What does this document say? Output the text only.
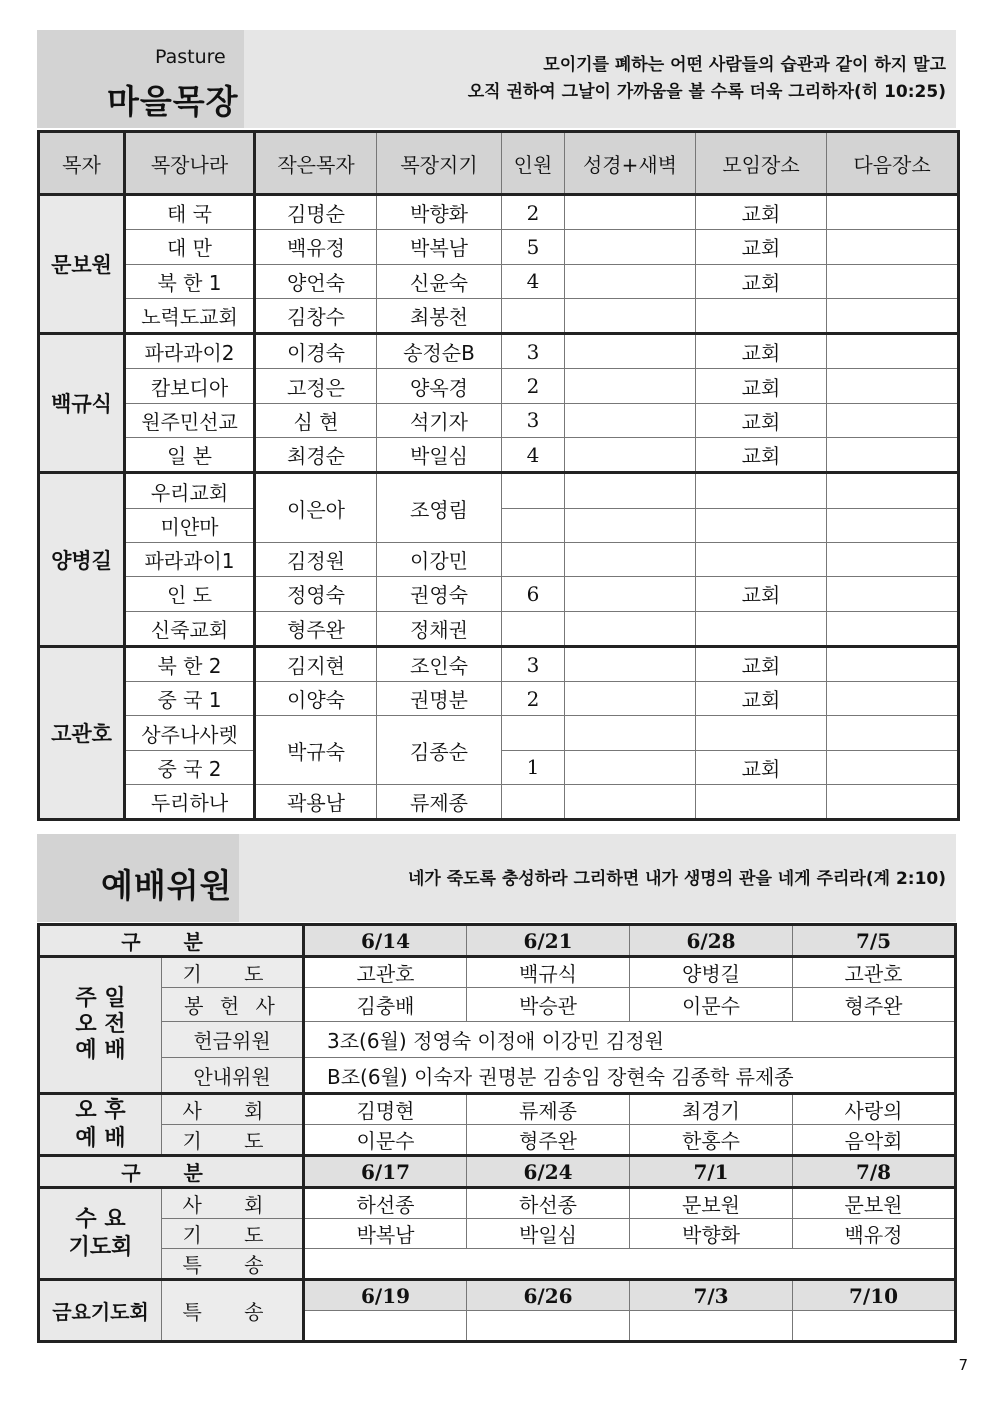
Pasture
마을목장
모이기를 폐하는 어떤 사람들의 습관과 같이 하지 말고
오직 권하여 그날이 가까움을 볼 수록 더욱 그리하자(히 10:25)
목자	목장나라	작은목자	목장지기	인원	성경+새벽	모임장소	다음장소
문보원	태 국	김명순	박향화	2		교회	
	대 만	백유정	박복남	5		교회	
	북 한 1	양언숙	신윤숙	4		교회	
	노력도교회	김창수	최봉천				
백규식	파라과이2	이경숙	송정순B	3		교회	
	캄보디아	고정은	양옥경	2		교회	
	원주민선교	심 현	석기자	3		교회	
	일 본	최경순	박일심	4		교회	
양병길	우리교회	이은아	조영림				
	미얀마						
	파라과이1	김정원	이강민				
	인 도	정영숙	권영숙	6		교회	
	신죽교회	형주완	정채권				
고관호	북 한 2	김지현	조인숙	3		교회	
	중 국 1	이양숙	권명분	2		교회	
	상주나사렛	박규숙	김종순				
	중 국 2			1		교회	
	두리하나	곽용남	류제종				
예배위원	네가 죽도록 충성하라 그리하면 내가 생명의 관을 네게 주리라(계 2:10)
구 분		6/14	6/21	6/28	7/5

주 일
오 전
예 배	기 도	고관호	백규식	양병길	고관호
	봉 헌 사	김충배	박승관	이문수	형주완
	헌금위원	3조(6월) 정영숙 이정애 이강민 김정원			
	안내위원	B조(6월) 이숙자 권명분 김송임 장현숙 김종학 류제종			

오 후
예 배	사 회	김명현	류제종	최경기	사랑의
	기 도	이문수	형주완	한홍수	음악회
구 분		6/17	6/24	7/1	7/8

수 요
기도회	사 회	하선종	하선종	문보원	문보원
	기 도	박복남	박일심	박향화	백유정
	특 송				
금요기도회	특 송	6/19	6/26	7/3	7/10

7
